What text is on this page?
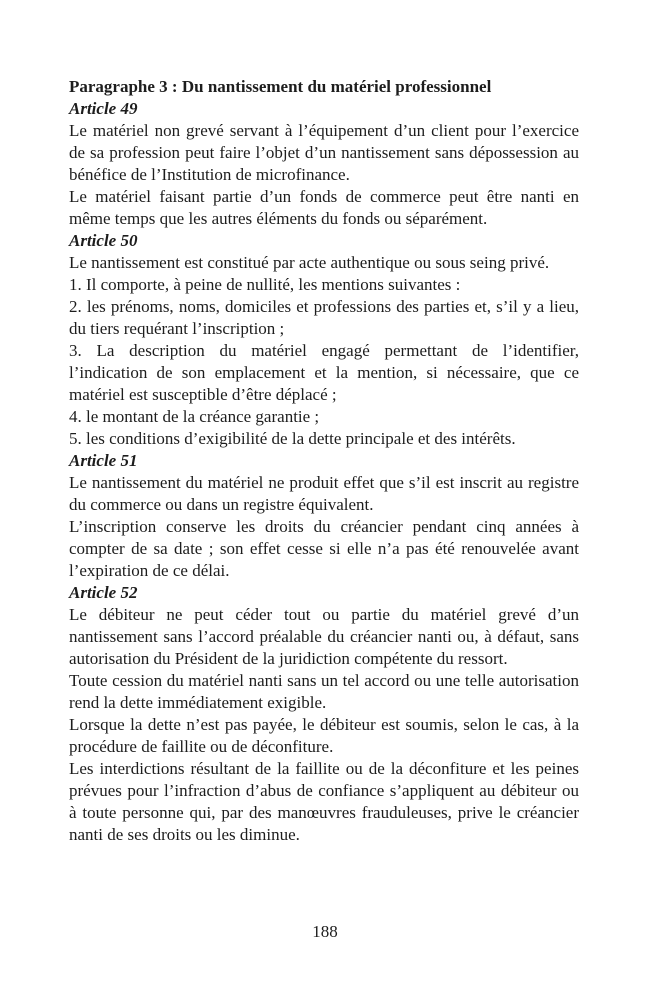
Paragraphe 3 : Du nantissement du matériel professionnel
Article 49
Le matériel non grevé servant à l’équipement d’un client pour l’exercice
de sa profession peut faire l’objet d’un nantissement sans dépossession au
bénéfice de l’Institution de microfinance.
Le matériel faisant partie d’un fonds de commerce peut être nanti en
même temps que les autres éléments du fonds ou séparément.
Article 50
Le nantissement est constitué par acte authentique ou sous seing privé.
1. Il comporte, à peine de nullité, les mentions suivantes :
2. les prénoms, noms, domiciles et professions des parties et, s’il y a lieu,
du tiers requérant l’inscription ;
3. La description du matériel engagé permettant de l’identifier,
l’indication de son emplacement et la mention, si nécessaire, que ce
matériel est susceptible d’être déplacé ;
4. le montant de la créance garantie ;
5. les conditions d’exigibilité de la dette principale et des intérêts.
Article 51
Le nantissement du matériel ne produit effet que s’il est inscrit au registre
du commerce ou dans un registre équivalent.
L’inscription conserve les droits du créancier pendant cinq années à
compter de sa date ; son effet cesse si elle n’a pas été renouvelée avant
l’expiration de ce délai.
Article 52
Le débiteur ne peut céder tout ou partie du matériel grevé d’un
nantissement sans l’accord préalable du créancier nanti ou, à défaut, sans
autorisation du Président de la juridiction compétente du ressort.
Toute cession du matériel nanti sans un tel accord ou une telle autorisation
rend la dette immédiatement exigible.
Lorsque la dette n’est pas payée, le débiteur est soumis, selon le cas, à la
procédure de faillite ou de déconfiture.
Les interdictions résultant de la faillite ou de la déconfiture et les peines
prévues pour l’infraction d’abus de confiance s’appliquent au débiteur ou
à toute personne qui, par des manœuvres frauduleuses, prive le créancier
nanti de ses droits ou les diminue.
188
